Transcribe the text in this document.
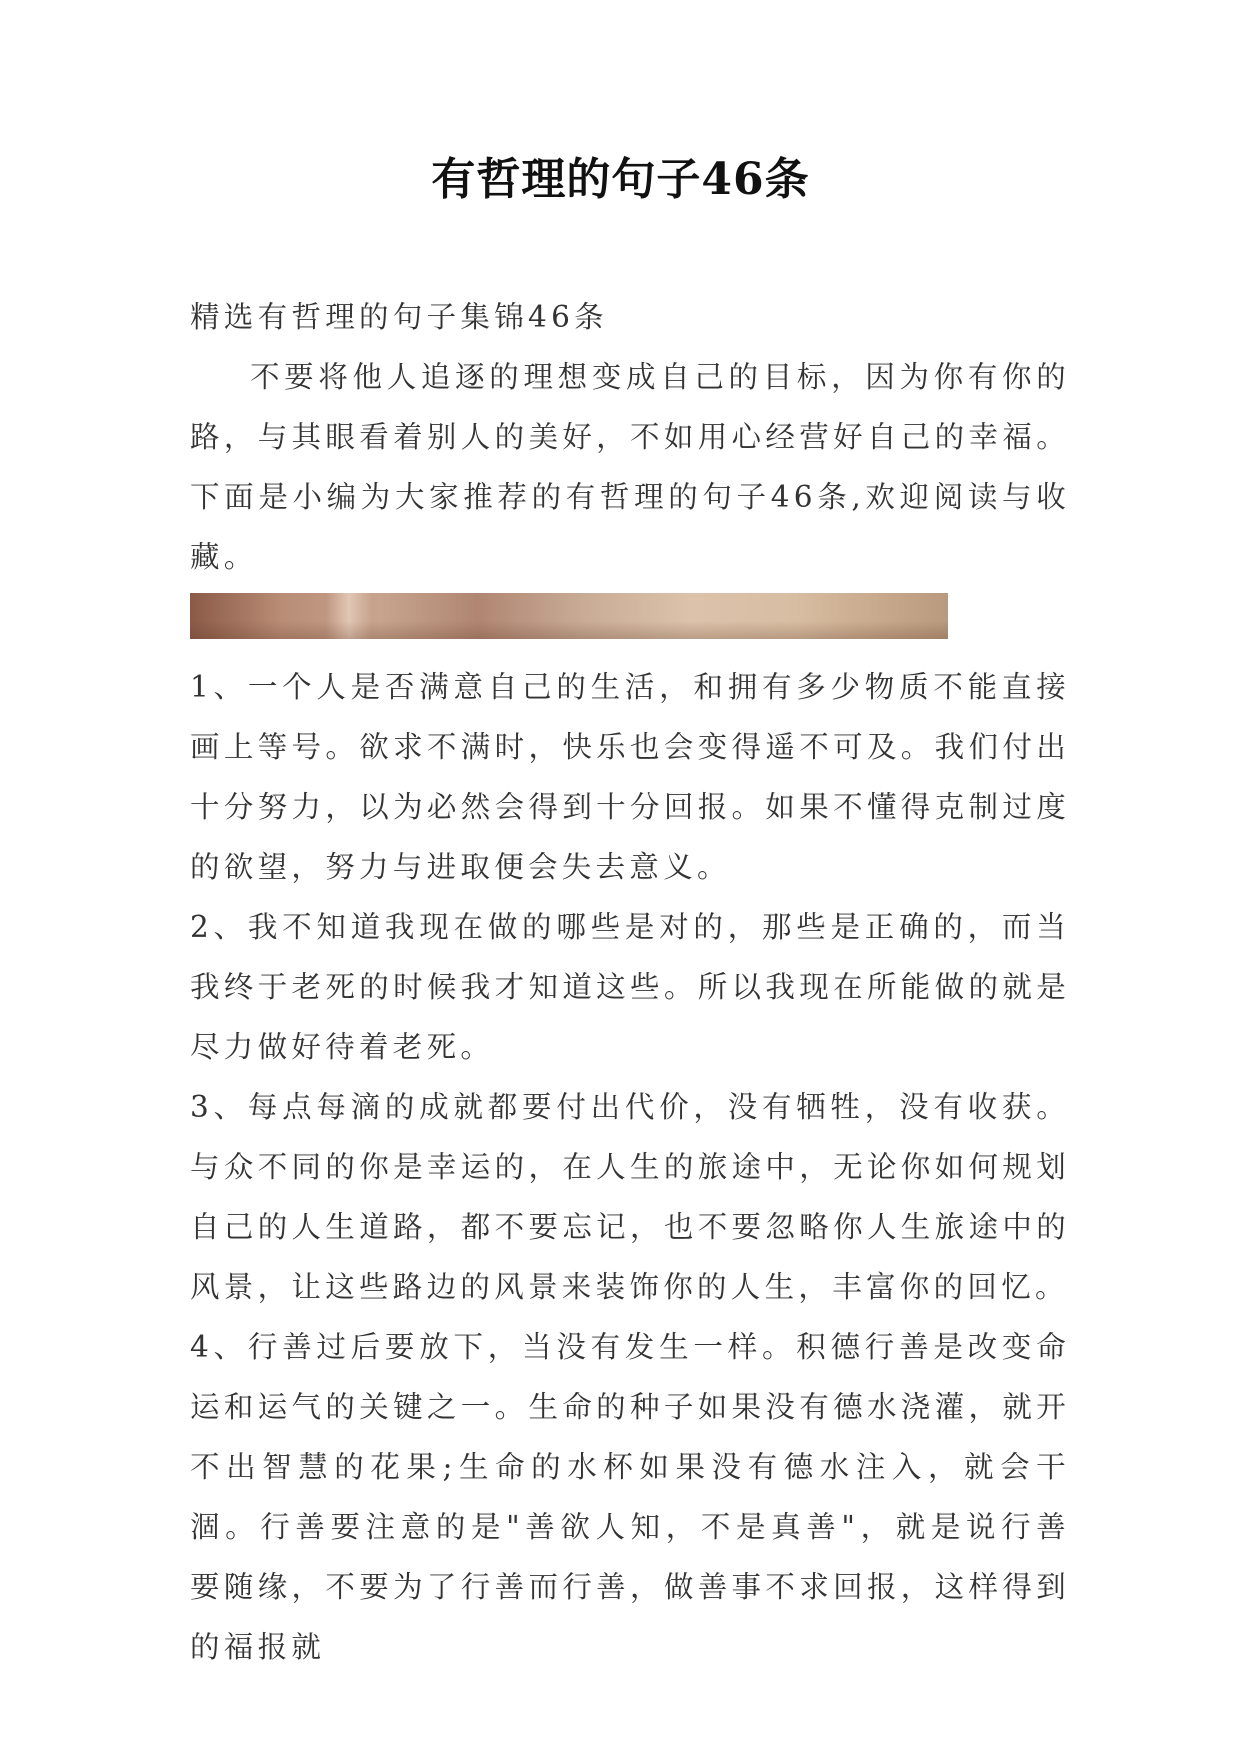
有哲理的句子46条

精选有哲理的句子集锦46条

不要将他人追逐的理想变成自己的目标，因为你有你的路，与其眼看着别人的美好，不如用心经营好自己的幸福。下面是小编为大家推荐的有哲理的句子46条,欢迎阅读与收藏。

1、一个人是否满意自己的生活，和拥有多少物质不能直接画上等号。欲求不满时，快乐也会变得遥不可及。我们付出十分努力，以为必然会得到十分回报。如果不懂得克制过度的欲望，努力与进取便会失去意义。

2、我不知道我现在做的哪些是对的，那些是正确的，而当我终于老死的时候我才知道这些。所以我现在所能做的就是尽力做好待着老死。

3、每点每滴的成就都要付出代价，没有牺牲，没有收获。与众不同的你是幸运的，在人生的旅途中，无论你如何规划自己的人生道路，都不要忘记，也不要忽略你人生旅途中的风景，让这些路边的风景来装饰你的人生，丰富你的回忆。

4、行善过后要放下，当没有发生一样。积德行善是改变命运和运气的关键之一。生命的种子如果没有德水浇灌，就开不出智慧的花果;生命的水杯如果没有德水注入，就会干涸。行善要注意的是"善欲人知，不是真善"，就是说行善要随缘，不要为了行善而行善，做善事不求回报，这样得到的福报就
